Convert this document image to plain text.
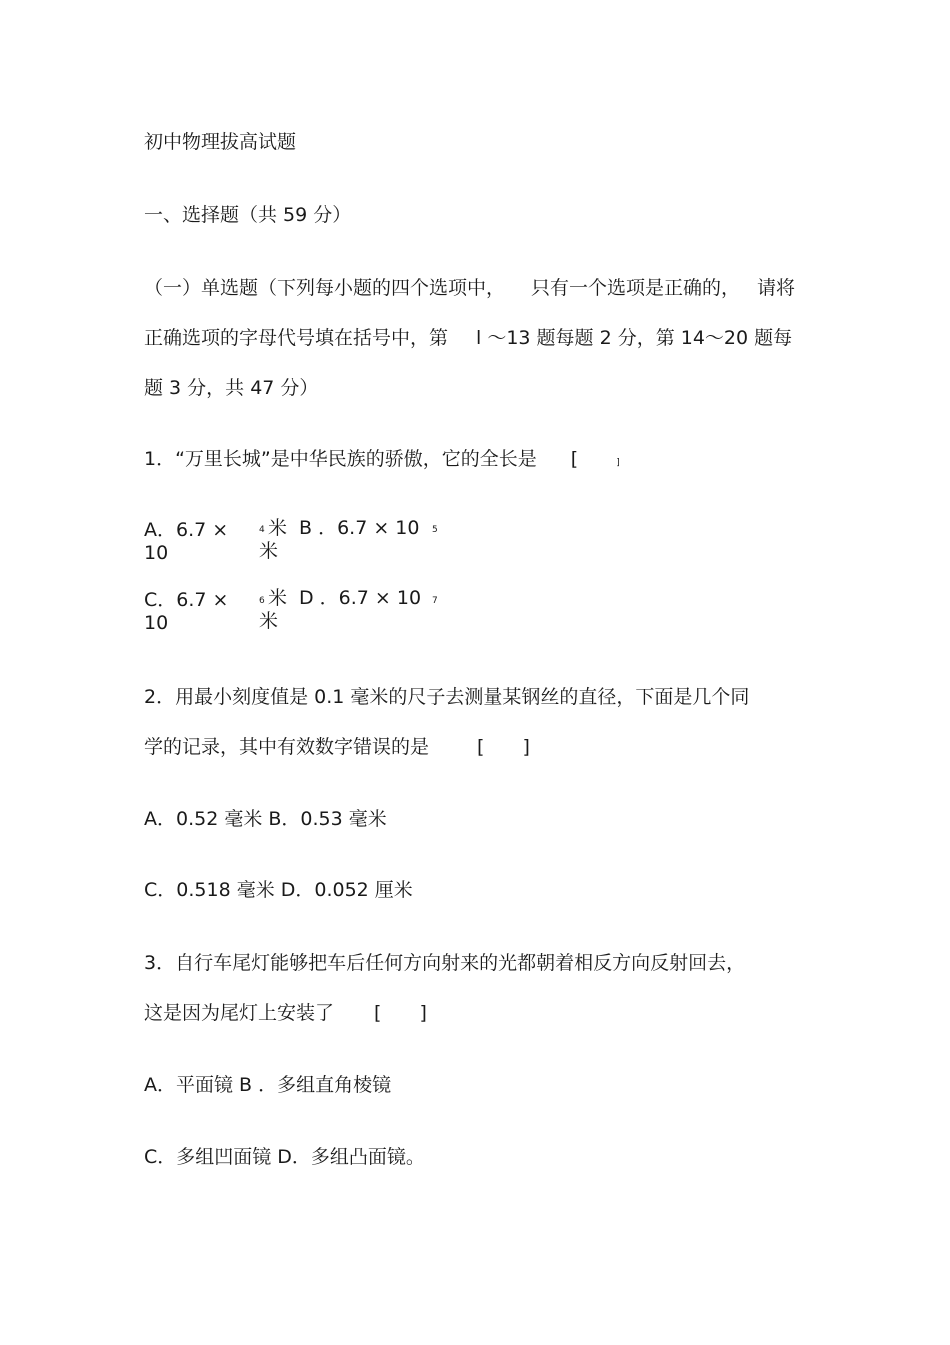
初中物理拔高试题
一、选择题（共 59 分）
（一）单选题（下列每小题的四个选项中， 只有一个选项是正确的， 请将
正确选项的字母代号填在括号中，第 l ～13 题每题 2 分，第 14～20 题每
题 3 分，共 47 分）
1．“万里长城”是中华民族的骄傲，它的全长是 [	]
A．6.7 ×
10
4 米 B ．6.7 × 10 5
米
C．6.7 ×
10
6 米 D ．6.7 × 10 7
米
2．用最小刻度值是 0.1 毫米的尺子去测量某钢丝的直径，下面是几个同
学的记录，其中有效数字错误的是	[ ]
A．0.52 毫米 B．0.53 毫米
C．0.518 毫米 D．0.052 厘米
3．自行车尾灯能够把车后任何方向射来的光都朝着相反方向反射回去，
这是因为尾灯上安装了 [ ]
A．平面镜 B ．多组直角棱镜
C．多组凹面镜 D．多组凸面镜。
